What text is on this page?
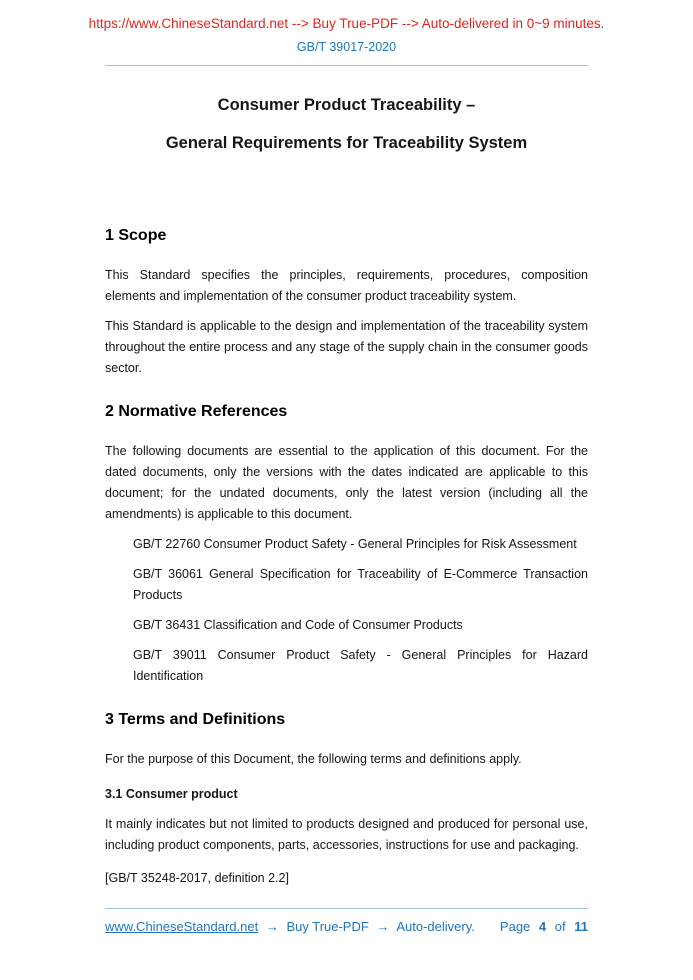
https://www.ChineseStandard.net --> Buy True-PDF --> Auto-delivered in 0~9 minutes.
GB/T 39017-2020
Consumer Product Traceability –
General Requirements for Traceability System
1 Scope

This Standard specifies the principles, requirements, procedures, composition elements and implementation of the consumer product traceability system.

This Standard is applicable to the design and implementation of the traceability system throughout the entire process and any stage of the supply chain in the consumer goods sector.

2 Normative References

The following documents are essential to the application of this document. For the dated documents, only the versions with the dates indicated are applicable to this document; for the undated documents, only the latest version (including all the amendments) is applicable to this document.

GB/T 22760 Consumer Product Safety - General Principles for Risk Assessment

GB/T 36061 General Specification for Traceability of E-Commerce Transaction Products

GB/T 36431 Classification and Code of Consumer Products

GB/T 39011 Consumer Product Safety - General Principles for Hazard Identification

3 Terms and Definitions

For the purpose of this Document, the following terms and definitions apply.

3.1 Consumer product

It mainly indicates but not limited to products designed and produced for personal use, including product components, parts, accessories, instructions for use and packaging.

[GB/T 35248-2017, definition 2.2]

www.ChineseStandard.net → Buy True-PDF → Auto-delivery.	Page 4 of 11
